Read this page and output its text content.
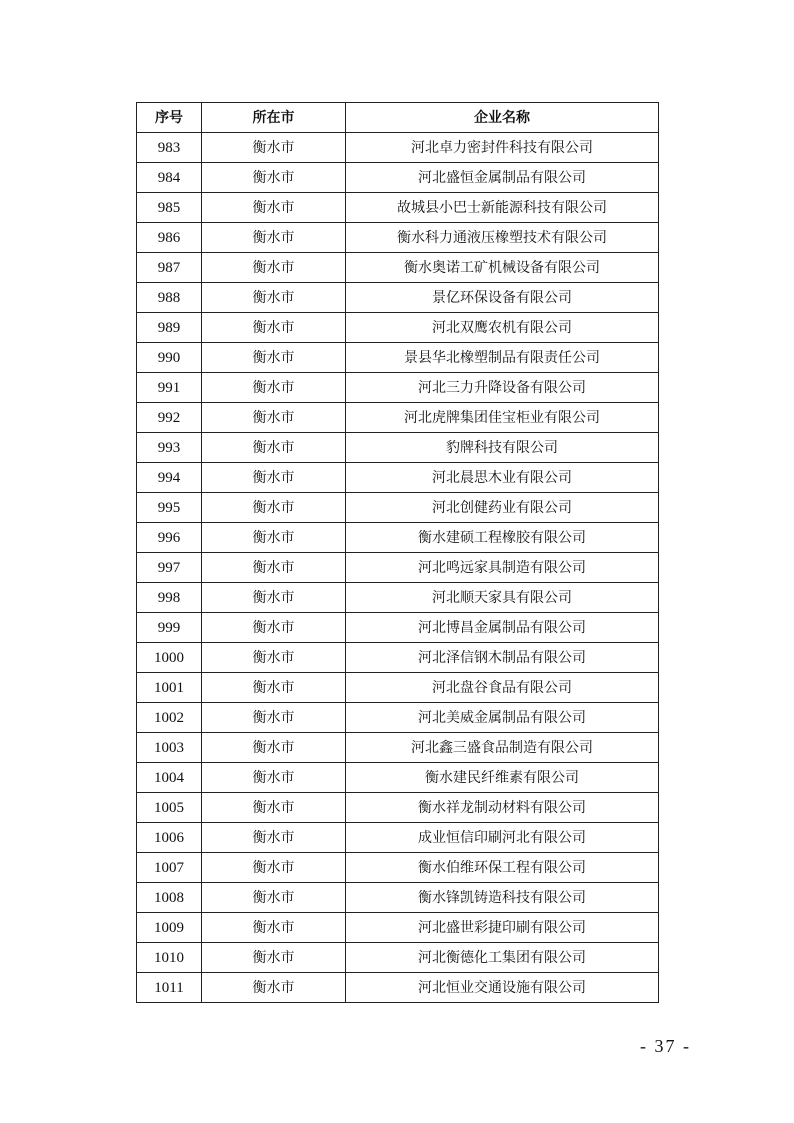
序号	所在市	企业名称
983	衡水市	河北卓力密封件科技有限公司
984	衡水市	河北盛恒金属制品有限公司
985	衡水市	故城县小巴士新能源科技有限公司
986	衡水市	衡水科力通液压橡塑技术有限公司
987	衡水市	衡水奥诺工矿机械设备有限公司
988	衡水市	景亿环保设备有限公司
989	衡水市	河北双鹰农机有限公司
990	衡水市	景县华北橡塑制品有限责任公司
991	衡水市	河北三力升降设备有限公司
992	衡水市	河北虎牌集团佳宝柜业有限公司
993	衡水市	豹牌科技有限公司
994	衡水市	河北晨思木业有限公司
995	衡水市	河北创健药业有限公司
996	衡水市	衡水建硕工程橡胶有限公司
997	衡水市	河北鸣远家具制造有限公司
998	衡水市	河北顺天家具有限公司
999	衡水市	河北博昌金属制品有限公司
1000	衡水市	河北泽信钢木制品有限公司
1001	衡水市	河北盘谷食品有限公司
1002	衡水市	河北美威金属制品有限公司
1003	衡水市	河北鑫三盛食品制造有限公司
1004	衡水市	衡水建民纤维素有限公司
1005	衡水市	衡水祥龙制动材料有限公司
1006	衡水市	成业恒信印刷河北有限公司
1007	衡水市	衡水伯维环保工程有限公司
1008	衡水市	衡水锋凯铸造科技有限公司
1009	衡水市	河北盛世彩捷印刷有限公司
1010	衡水市	河北衡德化工集团有限公司
1011	衡水市	河北恒业交通设施有限公司
- 37 -
